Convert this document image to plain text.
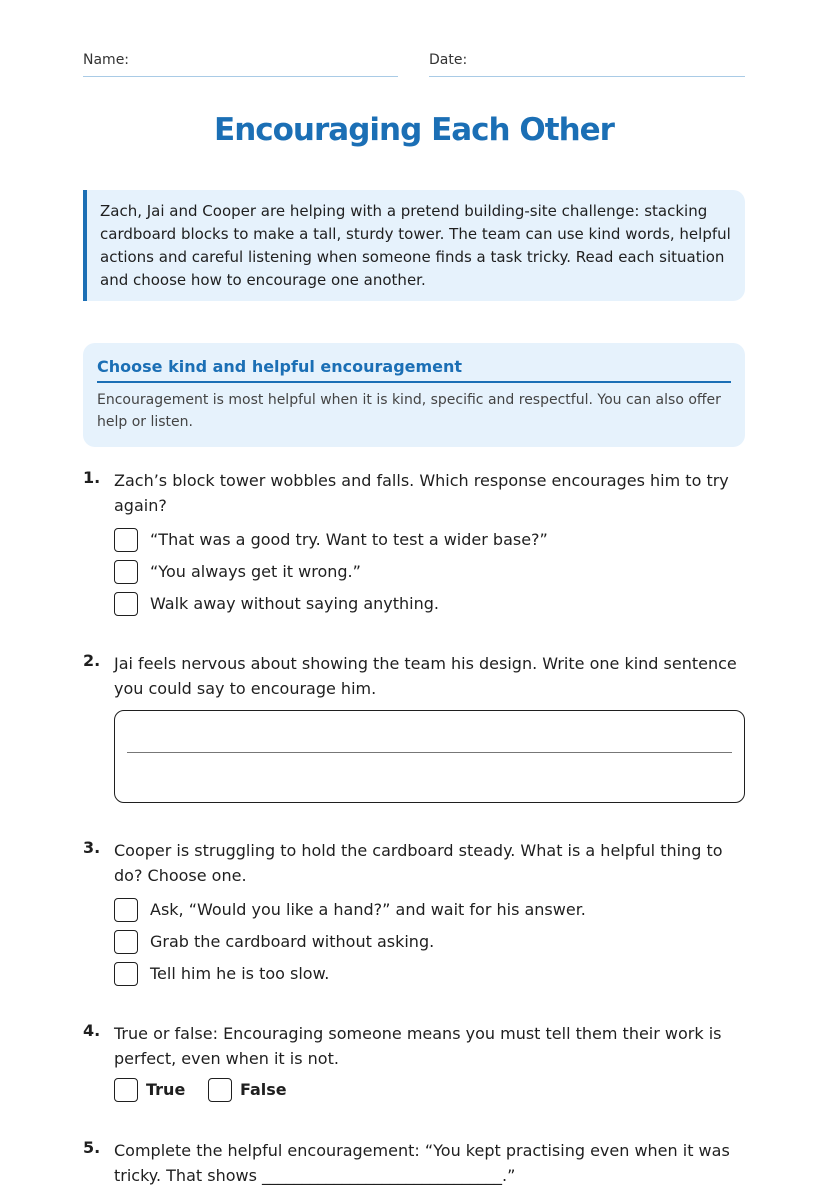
Name:	Date:
Encouraging Each Other
Zach, Jai and Cooper are helping with a pretend building-site challenge: stacking cardboard blocks to make a tall, sturdy tower. The team can use kind words, helpful actions and careful listening when someone finds a task tricky. Read each situation and choose how to encourage one another.
Choose kind and helpful encouragement
Encouragement is most helpful when it is kind, specific and respectful. You can also offer help or listen.
1. Zach’s block tower wobbles and falls. Which response encourages him to try again?
“That was a good try. Want to test a wider base?”
“You always get it wrong.”
Walk away without saying anything.
2. Jai feels nervous about showing the team his design. Write one kind sentence you could say to encourage him.
3. Cooper is struggling to hold the cardboard steady. What is a helpful thing to do? Choose one.
Ask, “Would you like a hand?” and wait for his answer.
Grab the cardboard without asking.
Tell him he is too slow.
4. True or false: Encouraging someone means you must tell them their work is perfect, even when it is not.
True	False
5. Complete the helpful encouragement: “You kept practising even when it was tricky. That shows ______________________________.”
